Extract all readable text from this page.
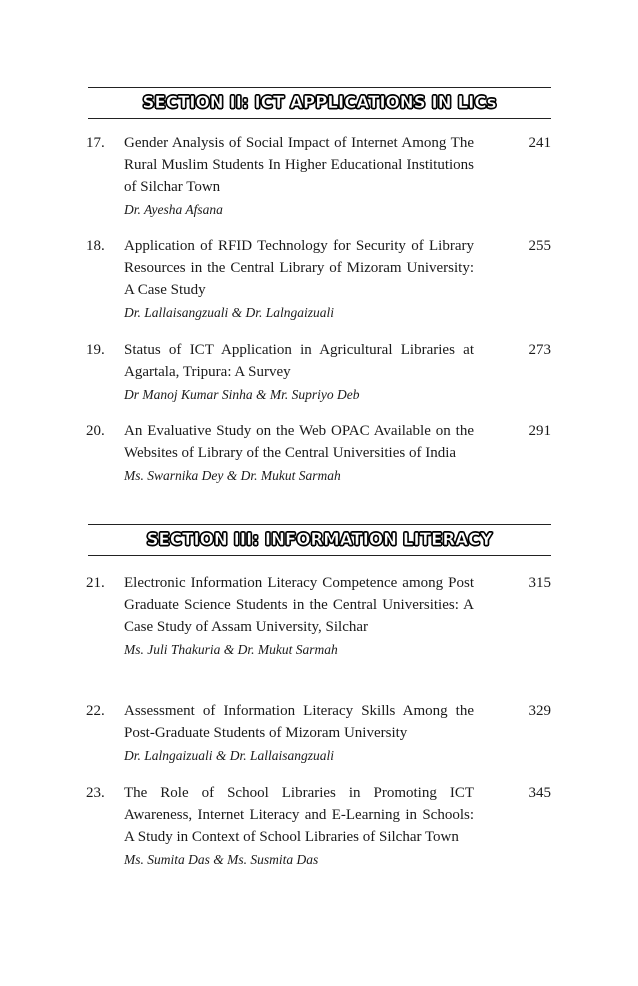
SECTION II: ICT APPLICATIONS IN LICs
17. Gender Analysis of Social Impact of Internet Among The Rural Muslim Students In Higher Educational Institutions of Silchar Town
Dr. Ayesha Afsana
241
18. Application of RFID Technology for Security of Library Resources in the Central Library of Mizoram University: A Case Study
Dr. Lallaisangzuali & Dr. Lalngaizuali
255
19. Status of ICT Application in Agricultural Libraries at Agartala, Tripura: A Survey
Dr Manoj Kumar Sinha & Mr. Supriyo Deb
273
20. An Evaluative Study on the Web OPAC Available on the Websites of Library of the Central Universities of India
Ms. Swarnika Dey & Dr. Mukut Sarmah
291
SECTION III: INFORMATION LITERACY
21. Electronic Information Literacy Competence among Post Graduate Science Students in the Central Universities: A Case Study of Assam University, Silchar
Ms. Juli Thakuria & Dr. Mukut Sarmah
315
22. Assessment of Information Literacy Skills Among the Post-Graduate Students of Mizoram University
Dr. Lalngaizuali & Dr. Lallaisangzuali
329
23. The Role of School Libraries in Promoting ICT Awareness, Internet Literacy and E-Learning in Schools: A Study in Context of School Libraries of Silchar Town
Ms. Sumita Das & Ms. Susmita Das
345
